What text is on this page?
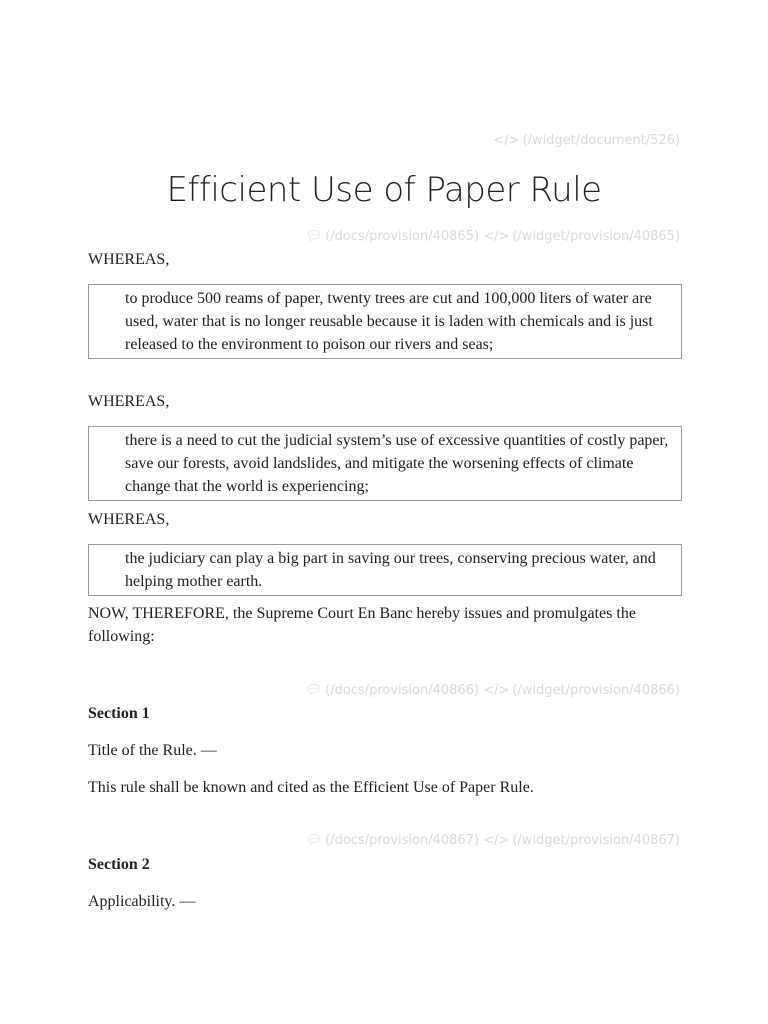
</> (/widget/document/526)
Efficient Use of Paper Rule
💬︎ (/docs/provision/40865) </> (/widget/provision/40865)
WHEREAS,
to produce 500 reams of paper, twenty trees are cut and 100,000 liters of water are used, water that is no longer reusable because it is laden with chemicals and is just released to the environment to poison our rivers and seas;
WHEREAS,
there is a need to cut the judicial system’s use of excessive quantities of costly paper, save our forests, avoid landslides, and mitigate the worsening effects of climate change that the world is experiencing;
WHEREAS,
the judiciary can play a big part in saving our trees, conserving precious water, and helping mother earth.
NOW, THEREFORE, the Supreme Court En Banc hereby issues and promulgates the following:
💬︎ (/docs/provision/40866) </> (/widget/provision/40866)
Section 1
Title of the Rule. —
This rule shall be known and cited as the Efficient Use of Paper Rule.
💬︎ (/docs/provision/40867) </> (/widget/provision/40867)
Section 2
Applicability. —
